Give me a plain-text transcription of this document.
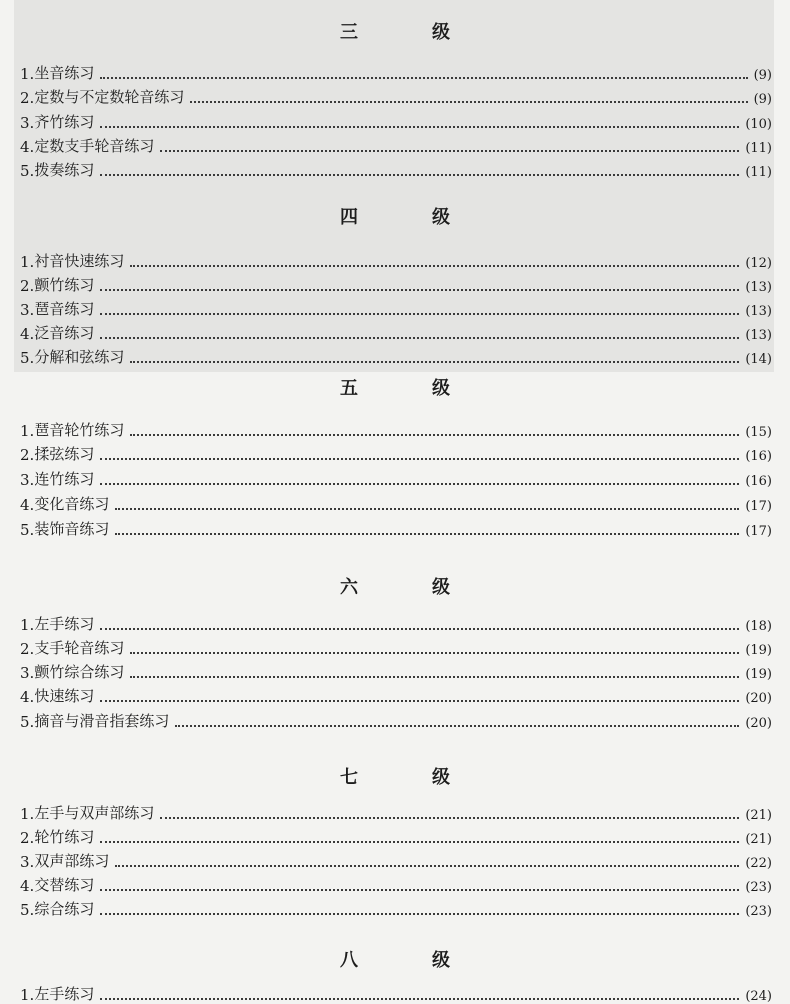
三	级
1. 坐音练习	(9)
2. 定数与不定数轮音练习	(9)
3. 齐竹练习	(10)
4. 定数支手轮音练习	(11)
5. 拨奏练习	(11)
四	级
1. 衬音快速练习	(12)
2. 颤竹练习	(13)
3. 琶音练习	(13)
4. 泛音练习	(13)
5. 分解和弦练习	(14)
五	级
1. 琶音轮竹练习	(15)
2. 揉弦练习	(16)
3. 连竹练习	(16)
4. 变化音练习	(17)
5. 装饰音练习	(17)
六	级
1. 左手练习	(18)
2. 支手轮音练习	(19)
3. 颤竹综合练习	(19)
4. 快速练习	(20)
5. 摘音与滑音指套练习	(20)
七	级
1. 左手与双声部练习	(21)
2. 轮竹练习	(21)
3. 双声部练习	(22)
4. 交替练习	(23)
5. 综合练习	(23)
八	级
1. 左手练习	(24)
